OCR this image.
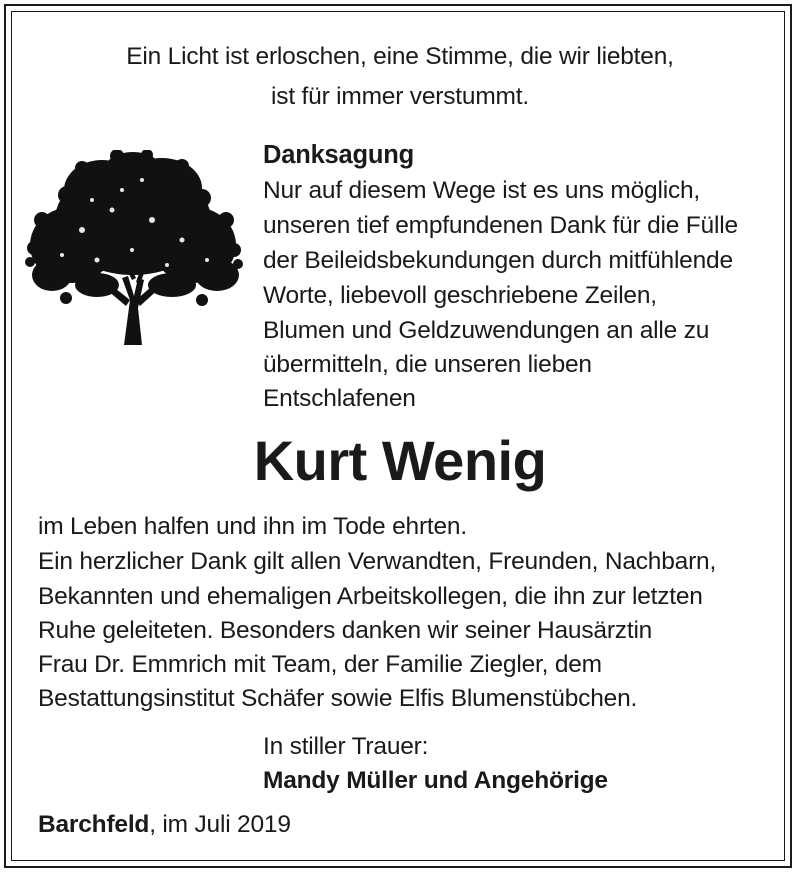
Ein Licht ist erloschen, eine Stimme, die wir liebten,
ist für immer verstummt.
Danksagung
Nur auf diesem Wege ist es uns möglich,
unseren tief empfundenen Dank für die Fülle
der Beileidsbekundungen durch mitfühlende
Worte, liebevoll geschriebene Zeilen,
Blumen und Geldzuwendungen an alle zu
übermitteln, die unseren lieben
Entschlafenen
Kurt Wenig
im Leben halfen und ihn im Tode ehrten.
Ein herzlicher Dank gilt allen Verwandten, Freunden, Nachbarn,
Bekannten und ehemaligen Arbeitskollegen, die ihn zur letzten
Ruhe geleiteten. Besonders danken wir seiner Hausärztin
Frau Dr. Emmrich mit Team, der Familie Ziegler, dem
Bestattungsinstitut Schäfer sowie Elfis Blumenstübchen.
In stiller Trauer:
Mandy Müller und Angehörige
Barchfeld, im Juli 2019
